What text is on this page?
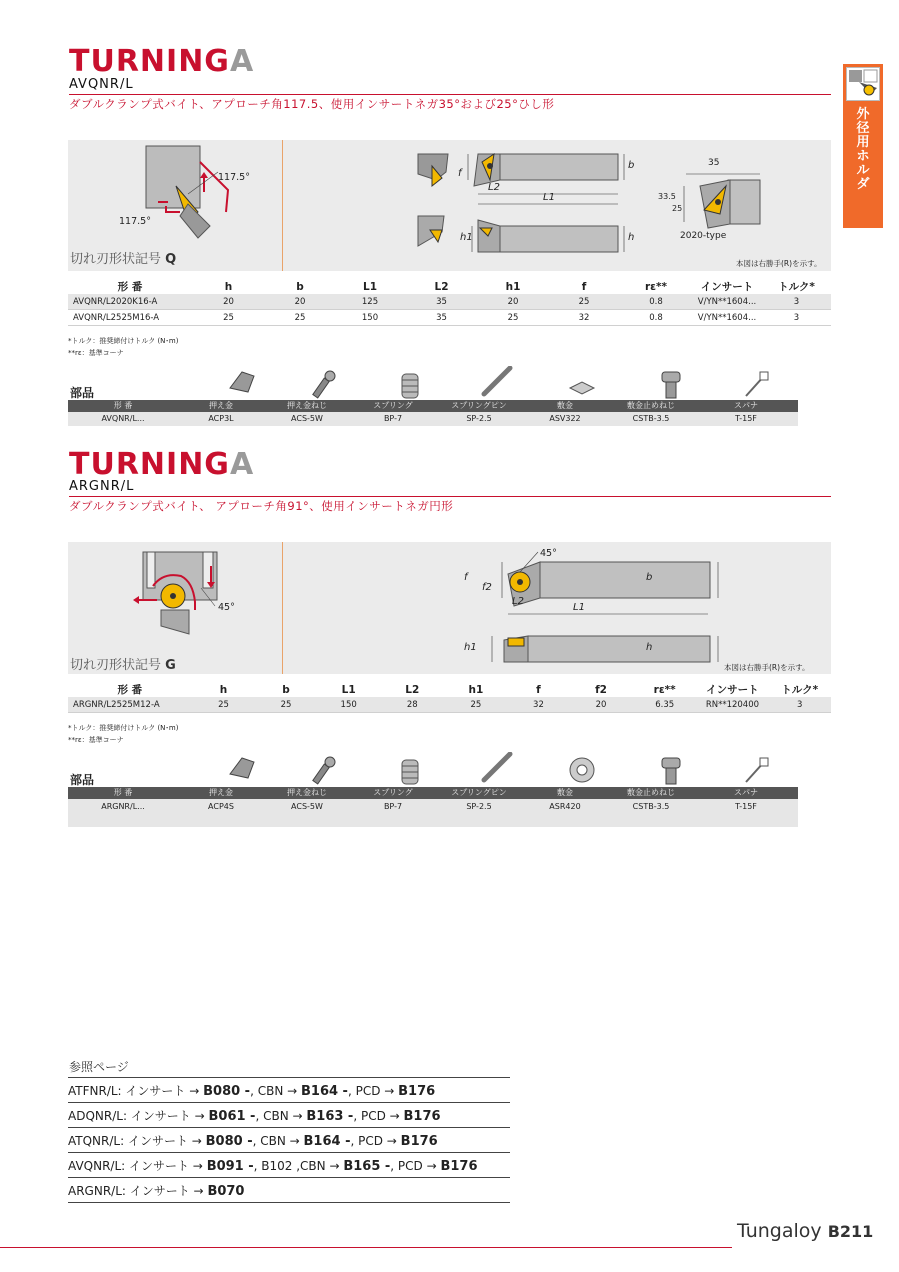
外径用ホルダ
TURNINGA
AVQNR/L
ダブルクランプ式バイト、アプローチ角117.5、使用インサートネガ35°および25°ひし形
117.5°
117.5°
切れ刃形状記号 Q
f
b
L2
L1
h1	h
35
33.5
25
2020-type
本図は右勝手(R)を示す。
形 番	h	b	L1	L2	h1	f	rε**	インサート	トルク*
AVQNR/L2020K16-A	20	20	125	35	20	25	0.8	V/YN**1604...	3
AVQNR/L2525M16-A	25	25	150	35	25	32	0.8	V/YN**1604...	3
*トルク：推奨締付けトルク (N･m)
**rε：基準コーナ
部品
形 番	押え金	押え金ねじ	スプリング	スプリングピン	敷金	敷金止めねじ	スパナ
AVQNR/L...	ACP3L	ACS-5W	BP-7	SP-2.5	ASV322	CSTB-3.5	T-15F
TURNINGA
ARGNR/L
ダブルクランプ式バイト、 アプローチ角91°、使用インサートネガ円形
45°
切れ刃形状記号 G
45°
f
f2
b
L2
L1
h1	h
本図は右勝手(R)を示す。
形 番	h	b	L1	L2	h1	f	f2	rε**	インサート	トルク*
ARGNR/L2525M12-A	25	25	150	28	25	32	20	6.35	RN**120400	3
*トルク：推奨締付けトルク (N･m)
**rε：基準コーナ
部品
形 番	押え金	押え金ねじ	スプリング	スプリングピン	敷金	敷金止めねじ	スパナ
ARGNR/L...	ACP4S	ACS-5W	BP-7	SP-2.5	ASR420	CSTB-3.5	T-15F
参照ページ
ATFNR/L: インサート → B080 -, CBN → B164 -, PCD → B176
ADQNR/L: インサート → B061 -, CBN → B163 -, PCD → B176
ATQNR/L: インサート → B080 -, CBN → B164 -, PCD → B176
AVQNR/L: インサート → B091 -, B102 ,CBN → B165 -, PCD → B176
ARGNR/L: インサート → B070
Tungaloy B211
